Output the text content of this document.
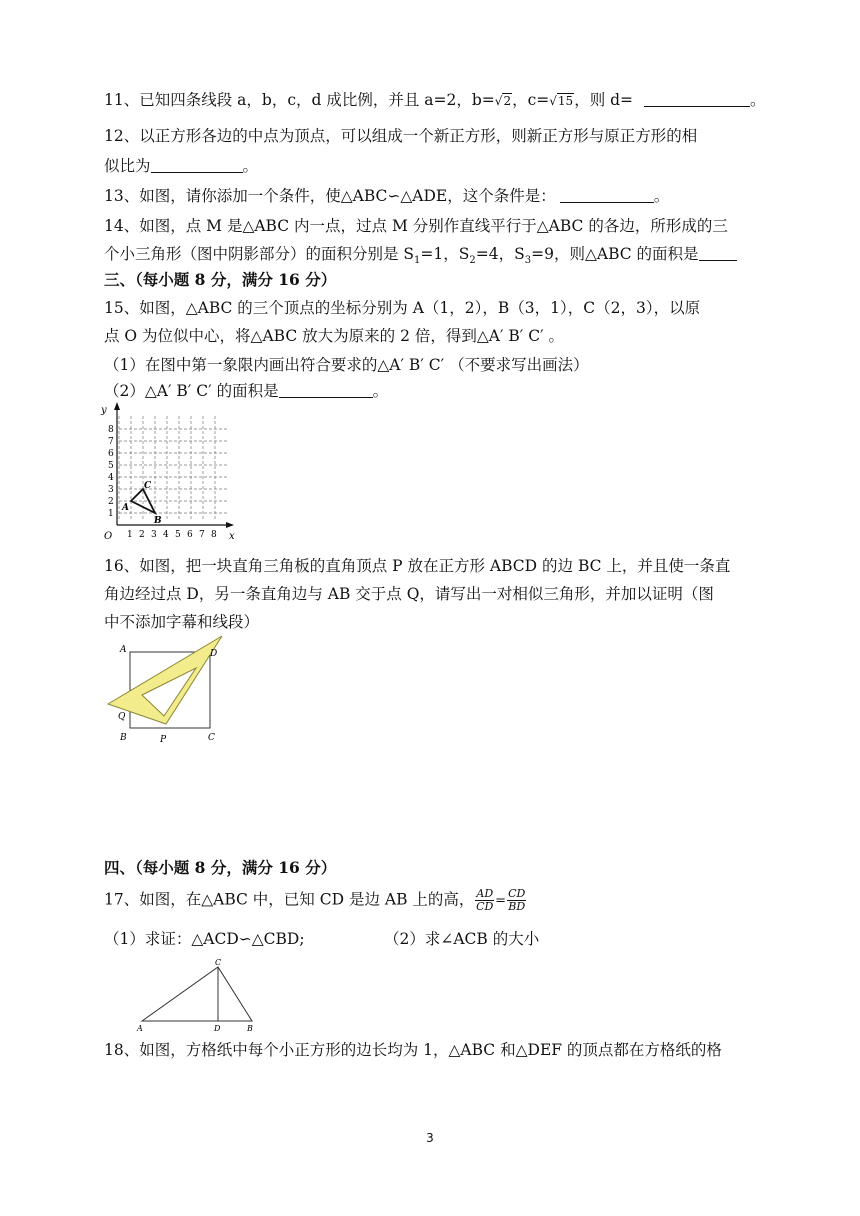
11、已知四条线段 a，b，c，d 成比例，并且 a=2，b=√2，c=√15，则 d=	。
12、以正方形各边的中点为顶点，可以组成一个新正方形，则新正方形与原正方形的相
似比为	。
13、如图，请你添加一个条件，使△ABC∽△ADE，这个条件是：	。
14、如图，点 M 是△ABC 内一点，过点 M 分别作直线平行于△ABC 的各边，所形成的三
个小三角形（图中阴影部分）的面积分别是 $S_1=1$，$S_2=4$，$S_3=9$，则△ABC 的面积是
三、（每小题 8 分，满分 16 分）
15、如图，△ABC 的三个顶点的坐标分别为 A（1，2），B（3，1），C（2，3），以原
点 O 为位似中心，将△ABC 放大为原来的 2 倍，得到△A′ B′ C′ 。
（1）在图中第一象限内画出符合要求的△A′ B′ C′ （不要求写出画法）
（2）△A′ B′ C′ 的面积是	。
y
x
O 1 2 3 4 5 6 7 8
1
2
3
4
5
6
7
8
A
B
C
16、如图，把一块直角三角板的直角顶点 P 放在正方形 ABCD 的边 BC 上，并且使一条直
角边经过点 D，另一条直角边与 AB 交于点 Q，请写出一对相似三角形，并加以证明（图
中不添加字幕和线段）
A	D
Q
B	P	C
四、（每小题 8 分，满分 16 分）
17、如图，在△ABC 中，已知 CD 是边 AB 上的高， $\frac{AD}{CD} = \frac{CD}{BD}$
（1）求证：△ACD∽△CBD;	（2）求∠ACB 的大小
C
A	D	B
18、如图，方格纸中每个小正方形的边长均为 1，△ABC 和△DEF 的顶点都在方格纸的格
3
